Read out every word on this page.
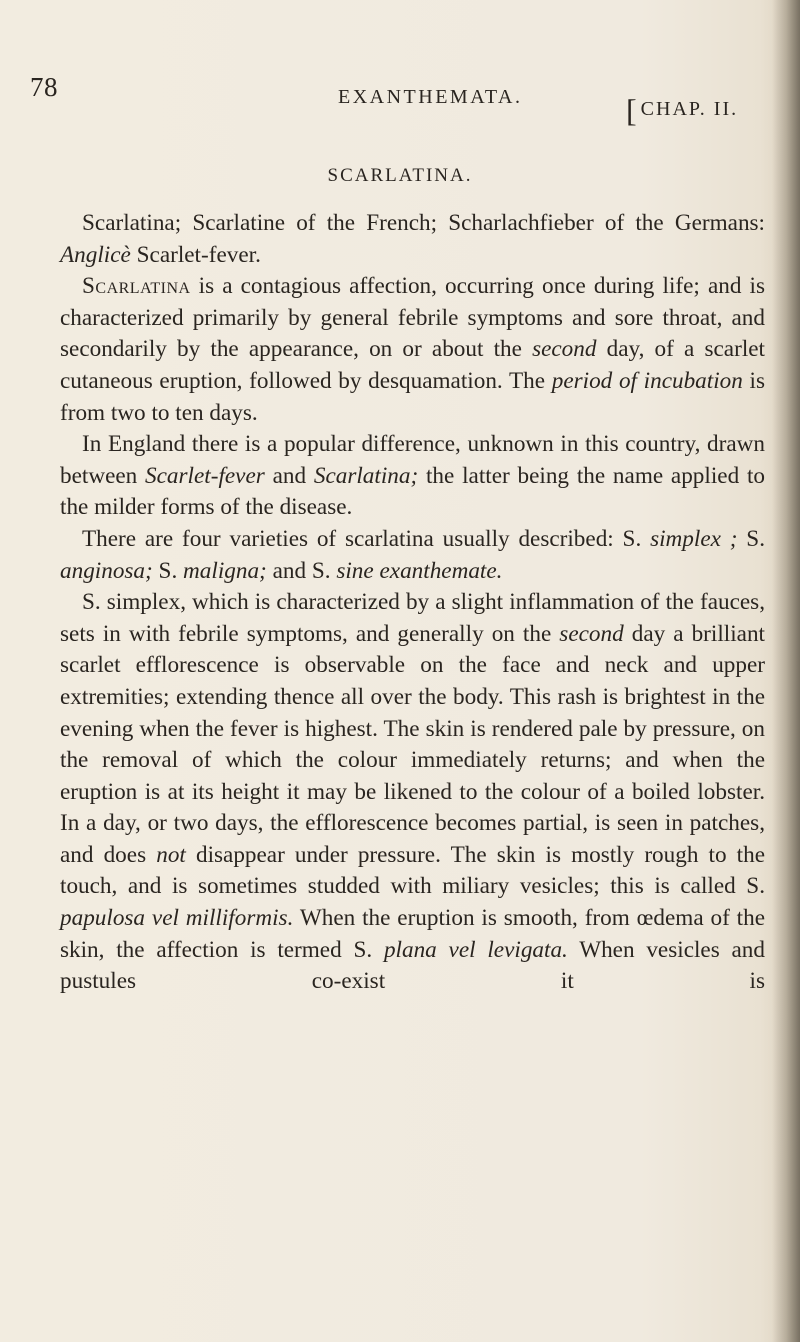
78	EXANTHEMATA.	[ CHAP. II.
SCARLATINA.

Scarlatina; Scarlatine of the French; Scharlachfieber of the Germans: Anglicè Scarlet-fever.

Scarlatina is a contagious affection, occurring once during life; and is characterized primarily by general febrile symptoms and sore throat, and secondarily by the appearance, on or about the second day, of a scarlet cutaneous eruption, followed by desquamation. The period of incubation is from two to ten days.

In England there is a popular difference, unknown in this country, drawn between Scarlet-fever and Scarlatina; the latter being the name applied to the milder forms of the disease.

There are four varieties of scarlatina usually described: S. simplex ; S. anginosa; S. maligna; and S. sine exanthemate.

S. simplex, which is characterized by a slight inflammation of the fauces, sets in with febrile symptoms, and generally on the second day a brilliant scarlet efflorescence is observable on the face and neck and upper extremities; extending thence all over the body. This rash is brightest in the evening when the fever is highest. The skin is rendered pale by pressure, on the removal of which the colour immediately returns; and when the eruption is at its height it may be likened to the colour of a boiled lobster. In a day, or two days, the efflorescence becomes partial, is seen in patches, and does not disappear under pressure. The skin is mostly rough to the touch, and is sometimes studded with miliary vesicles; this is called S. papulosa vel milliformis. When the eruption is smooth, from œdema of the skin, the affection is termed S. plana vel levigata. When vesicles and pustules co-exist it is
